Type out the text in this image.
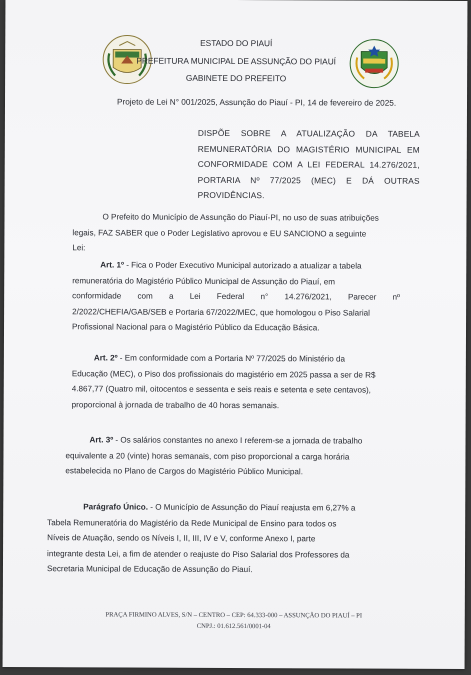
ESTADO DO PIAUÍ
PREFEITURA MUNICIPAL DE ASSUNÇÃO DO PIAUÍ
GABINETE DO PREFEITO
Projeto de Lei N° 001/2025, Assunção do Piauí - PI, 14 de fevereiro de 2025.
DISPÕE SOBRE A ATUALIZAÇÃO DA TABELA
REMUNERATÓRIA DO MAGISTÉRIO MUNICIPAL EM
CONFORMIDADE COM A LEI FEDERAL 14.276/2021,
PORTARIA Nº 77/2025 (MEC) E DÁ OUTRAS
PROVIDÊNCIAS.
O Prefeito do Município de Assunção do Piauí-PI, no uso de suas atribuições
legais, FAZ SABER que o Poder Legislativo aprovou e EU SANCIONO a seguinte
Lei:
Art. 1º - Fica o Poder Executivo Municipal autorizado a atualizar a tabela
remuneratória do Magistério Público Municipal de Assunção do Piauí, em
conformidade com a Lei Federal n° 14.276/2021, Parecer nº
2/2022/CHEFIA/GAB/SEB e Portaria 67/2022/MEC, que homologou o Piso Salarial
Profissional Nacional para o Magistério Público da Educação Básica.
Art. 2º - Em conformidade com a Portaria Nº 77/2025 do Ministério da
Educação (MEC), o Piso dos profissionais do magistério em 2025 passa a ser de R$
4.867,77 (Quatro mil, oitocentos e sessenta e seis reais e setenta e sete centavos),
proporcional à jornada de trabalho de 40 horas semanais.
Art. 3º - Os salários constantes no anexo I referem-se a jornada de trabalho
equivalente a 20 (vinte) horas semanais, com piso proporcional a carga horária
estabelecida no Plano de Cargos do Magistério Público Municipal.
Parágrafo Único. - O Município de Assunção do Piauí reajusta em 6,27% a
Tabela Remuneratória do Magistério da Rede Municipal de Ensino para todos os
Níveis de Atuação, sendo os Níveis I, II, III, IV e V, conforme Anexo I, parte
integrante desta Lei, a fim de atender o reajuste do Piso Salarial dos Professores da
Secretaria Municipal de Educação de Assunção do Piauí.
PRAÇA FIRMINO ALVES, S/N – CENTRO – CEP: 64.333-000 – ASSUNÇÃO DO PIAUÍ – PI
CNPJ.: 01.612.561/0001-04
